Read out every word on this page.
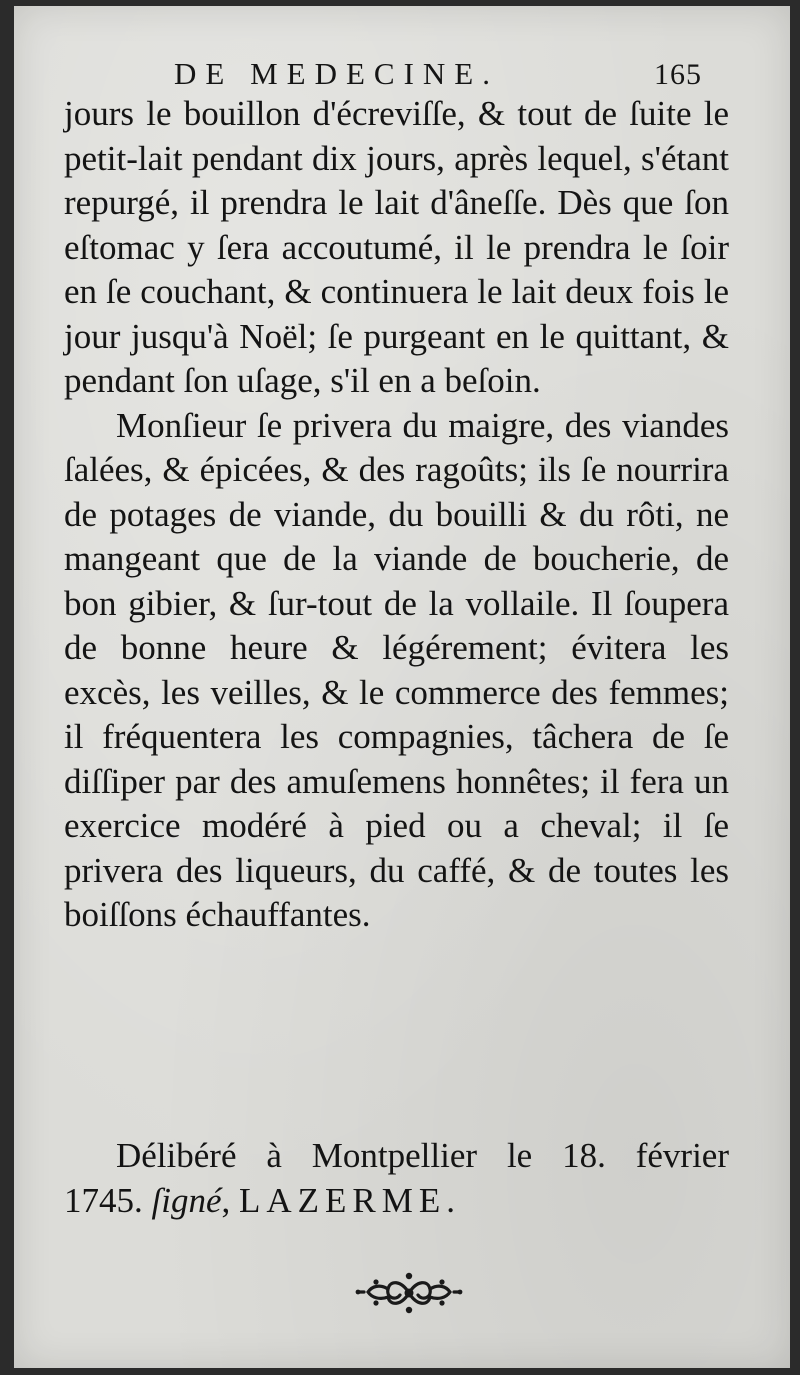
DE MEDECINE.	165

jours le bouillon d'écreviſſe, & tout de ſuite le petit-lait pendant dix jours, après lequel, s'étant repurgé, il prendra le lait d'âneſſe. Dès que ſon eſtomac y ſera accoutumé, il le prendra le ſoir en ſe couchant, & continuera le lait deux fois le jour jusqu'à Noël; ſe purgeant en le quittant, & pendant ſon uſage, s'il en a beſoin.

Monſieur ſe privera du maigre, des viandes ſalées, & épicées, & des ragoûts; ils ſe nourrira de potages de viande, du bouilli & du rôti, ne mangeant que de la viande de boucherie, de bon gibier, & ſur-tout de la vollaile. Il ſoupera de bonne heure & légérement; évitera les excès, les veilles, & le commerce des femmes; il fréquentera les compagnies, tâchera de ſe diſſiper par des amuſemens honnêtes; il fera un exercice modéré à pied ou a cheval; il ſe privera des liqueurs, du caffé, & de toutes les boiſſons échauffantes.

Délibéré à Montpellier le 18. février
1745. ſigné, LAZERME.
